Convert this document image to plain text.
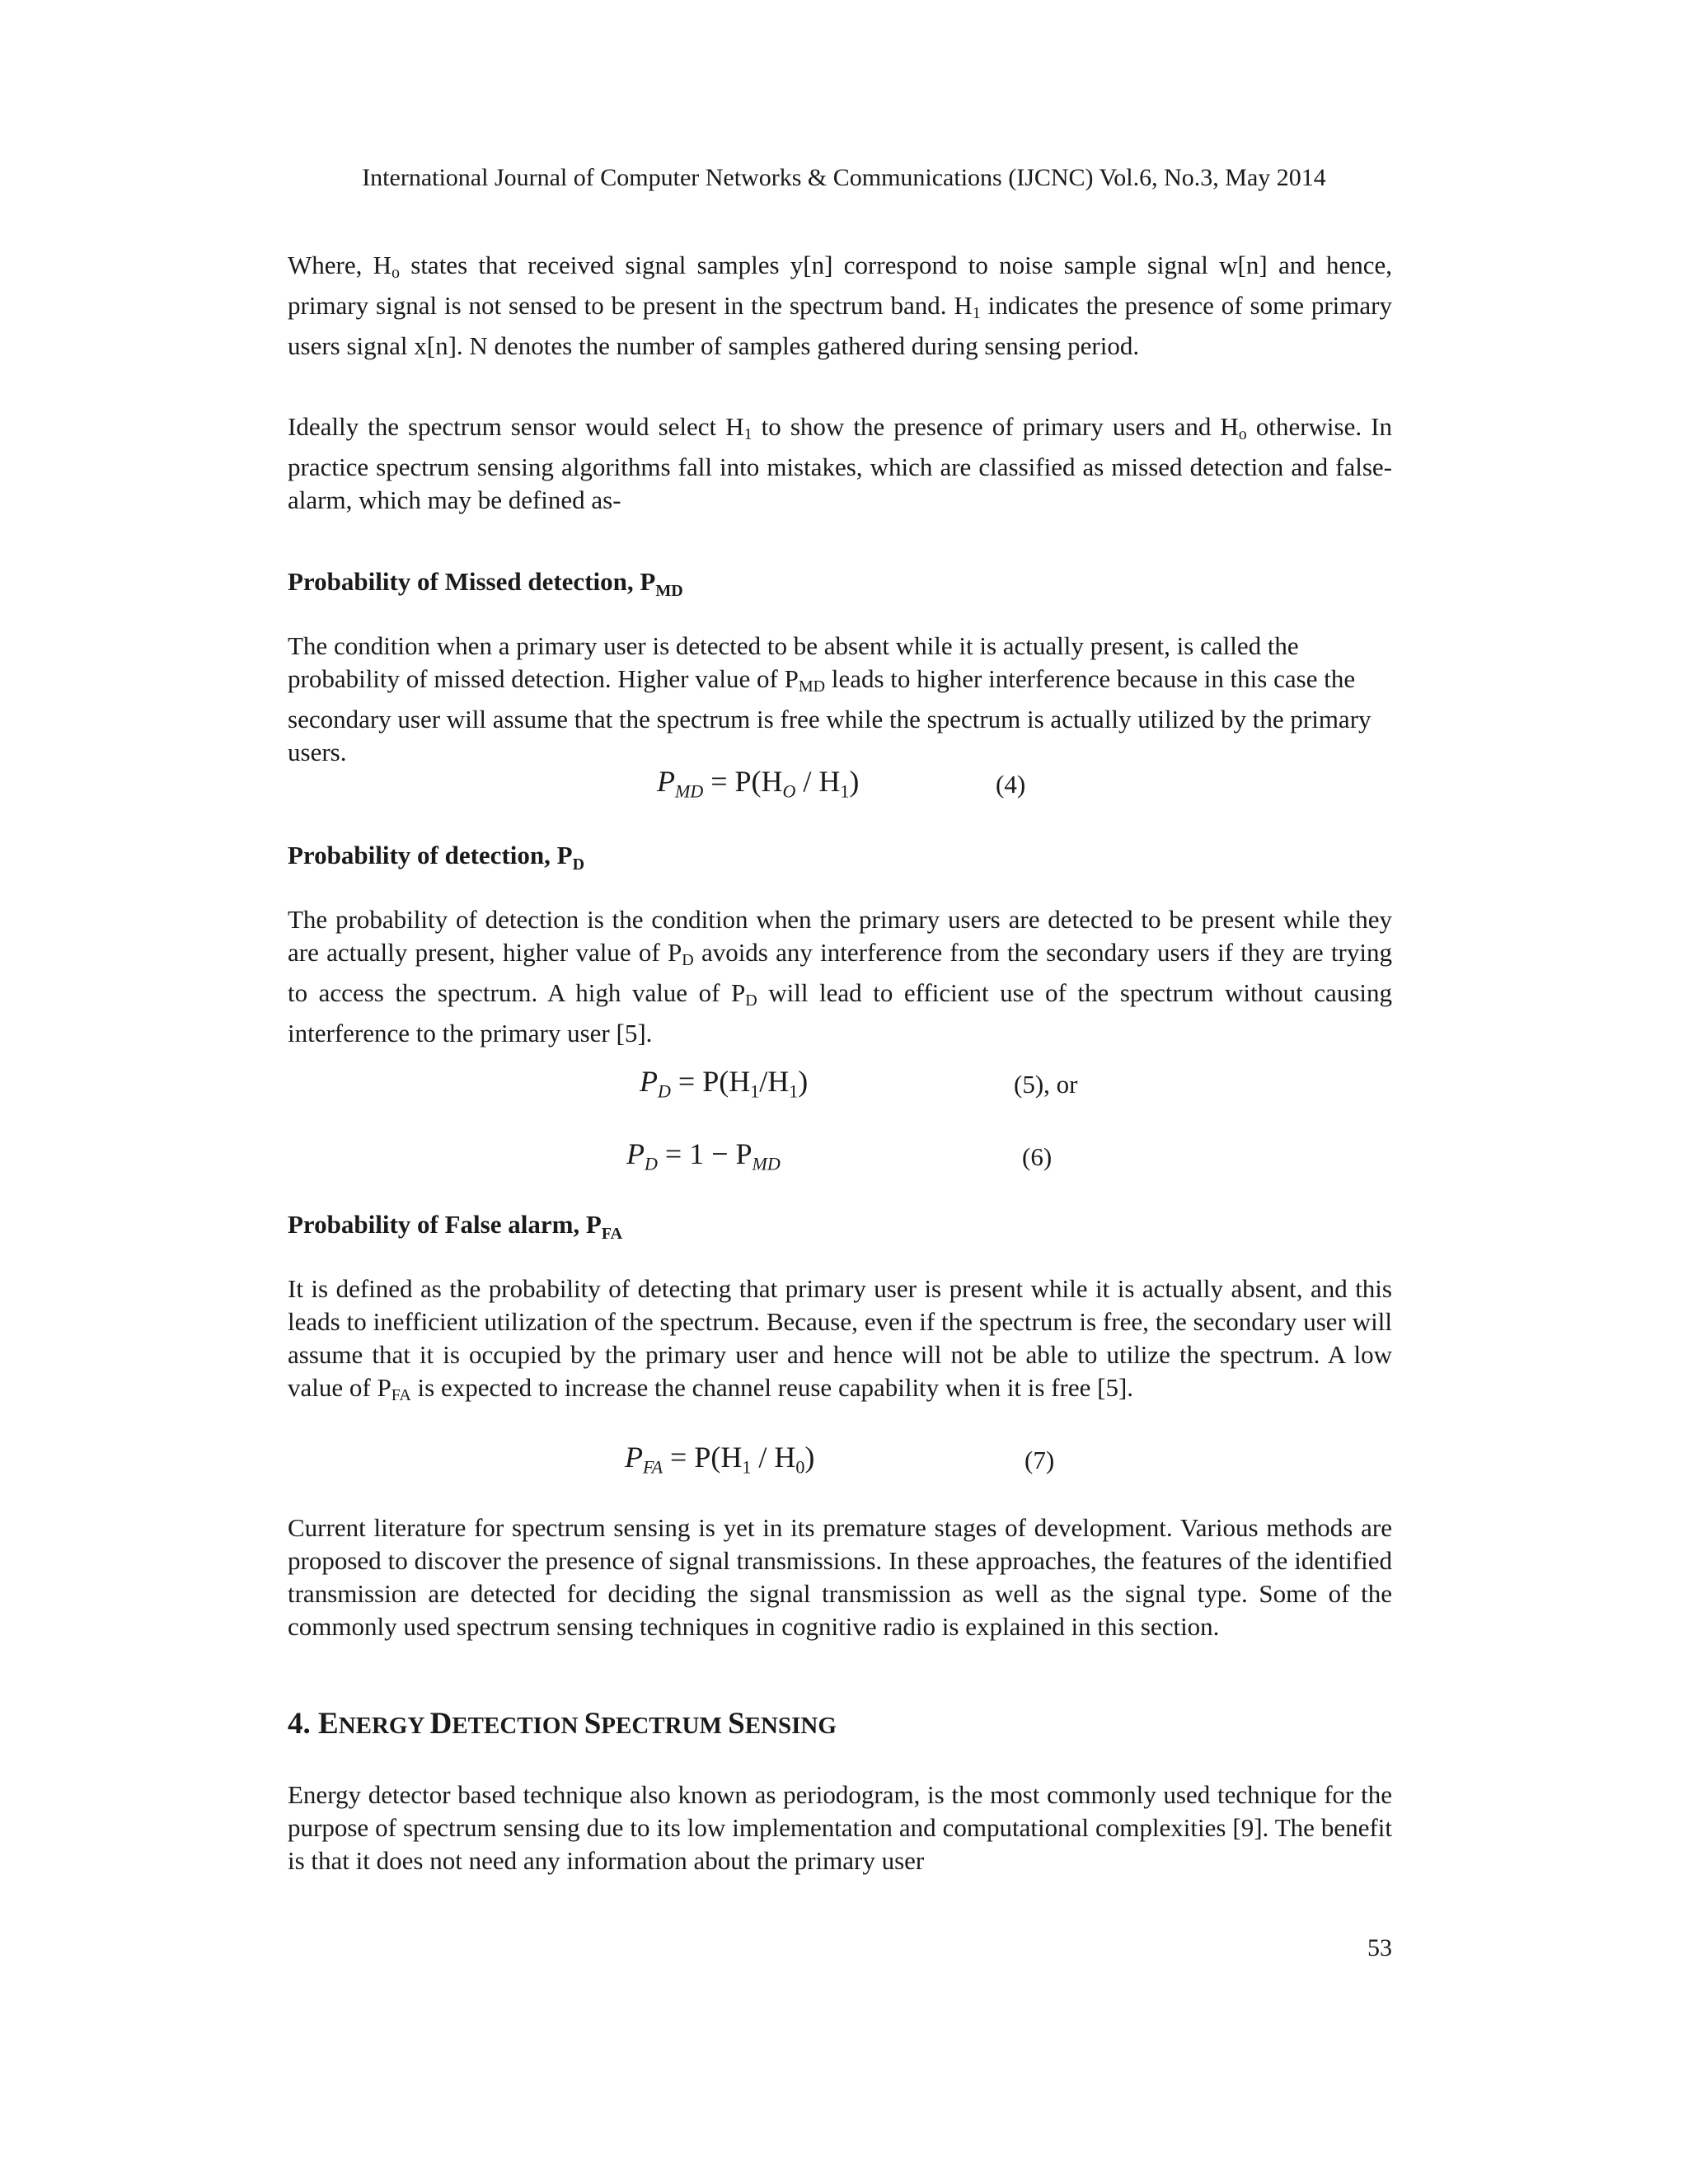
International Journal of Computer Networks & Communications (IJCNC) Vol.6, No.3, May 2014

Where, $H_o$ states that received signal samples y[n] correspond to noise sample signal w[n] and hence, primary signal is not sensed to be present in the spectrum band. $H_1$ indicates the presence of some primary users signal x[n]. N denotes the number of samples gathered during sensing period.

Ideally the spectrum sensor would select $H_1$ to show the presence of primary users and $H_o$ otherwise. In practice spectrum sensing algorithms fall into mistakes, which are classified as missed detection and false-alarm, which may be defined as-

Probability of Missed detection, $P_{MD}$

The condition when a primary user is detected to be absent while it is actually present, is called the probability of missed detection. Higher value of $P_{MD}$ leads to higher interference because in this case the secondary user will assume that the spectrum is free while the spectrum is actually utilized by the primary users.

$P_{MD} = P(H_O / H_1)$	(4)

Probability of detection, $P_D$

The probability of detection is the condition when the primary users are detected to be present while they are actually present, higher value of $P_D$ avoids any interference from the secondary users if they are trying to access the spectrum. A high value of $P_D$ will lead to efficient use of the spectrum without causing interference to the primary user [5].

$P_D = P(H_1/H_1)$	(5), or
$P_D = 1 - P_{MD}$	(6)

Probability of False alarm, $P_{FA}$

It is defined as the probability of detecting that primary user is present while it is actually absent, and this leads to inefficient utilization of the spectrum. Because, even if the spectrum is free, the secondary user will assume that it is occupied by the primary user and hence will not be able to utilize the spectrum. A low value of $P_{FA}$ is expected to increase the channel reuse capability when it is free [5].

$P_{FA} = P(H_1 / H_0)$	(7)

Current literature for spectrum sensing is yet in its premature stages of development. Various methods are proposed to discover the presence of signal transmissions. In these approaches, the features of the identified transmission are detected for deciding the signal transmission as well as the signal type. Some of the commonly used spectrum sensing techniques in cognitive radio is explained in this section.

4. ENERGY DETECTION SPECTRUM SENSING

Energy detector based technique also known as periodogram, is the most commonly used technique for the purpose of spectrum sensing due to its low implementation and computational complexities [9]. The benefit is that it does not need any information about the primary user

53
